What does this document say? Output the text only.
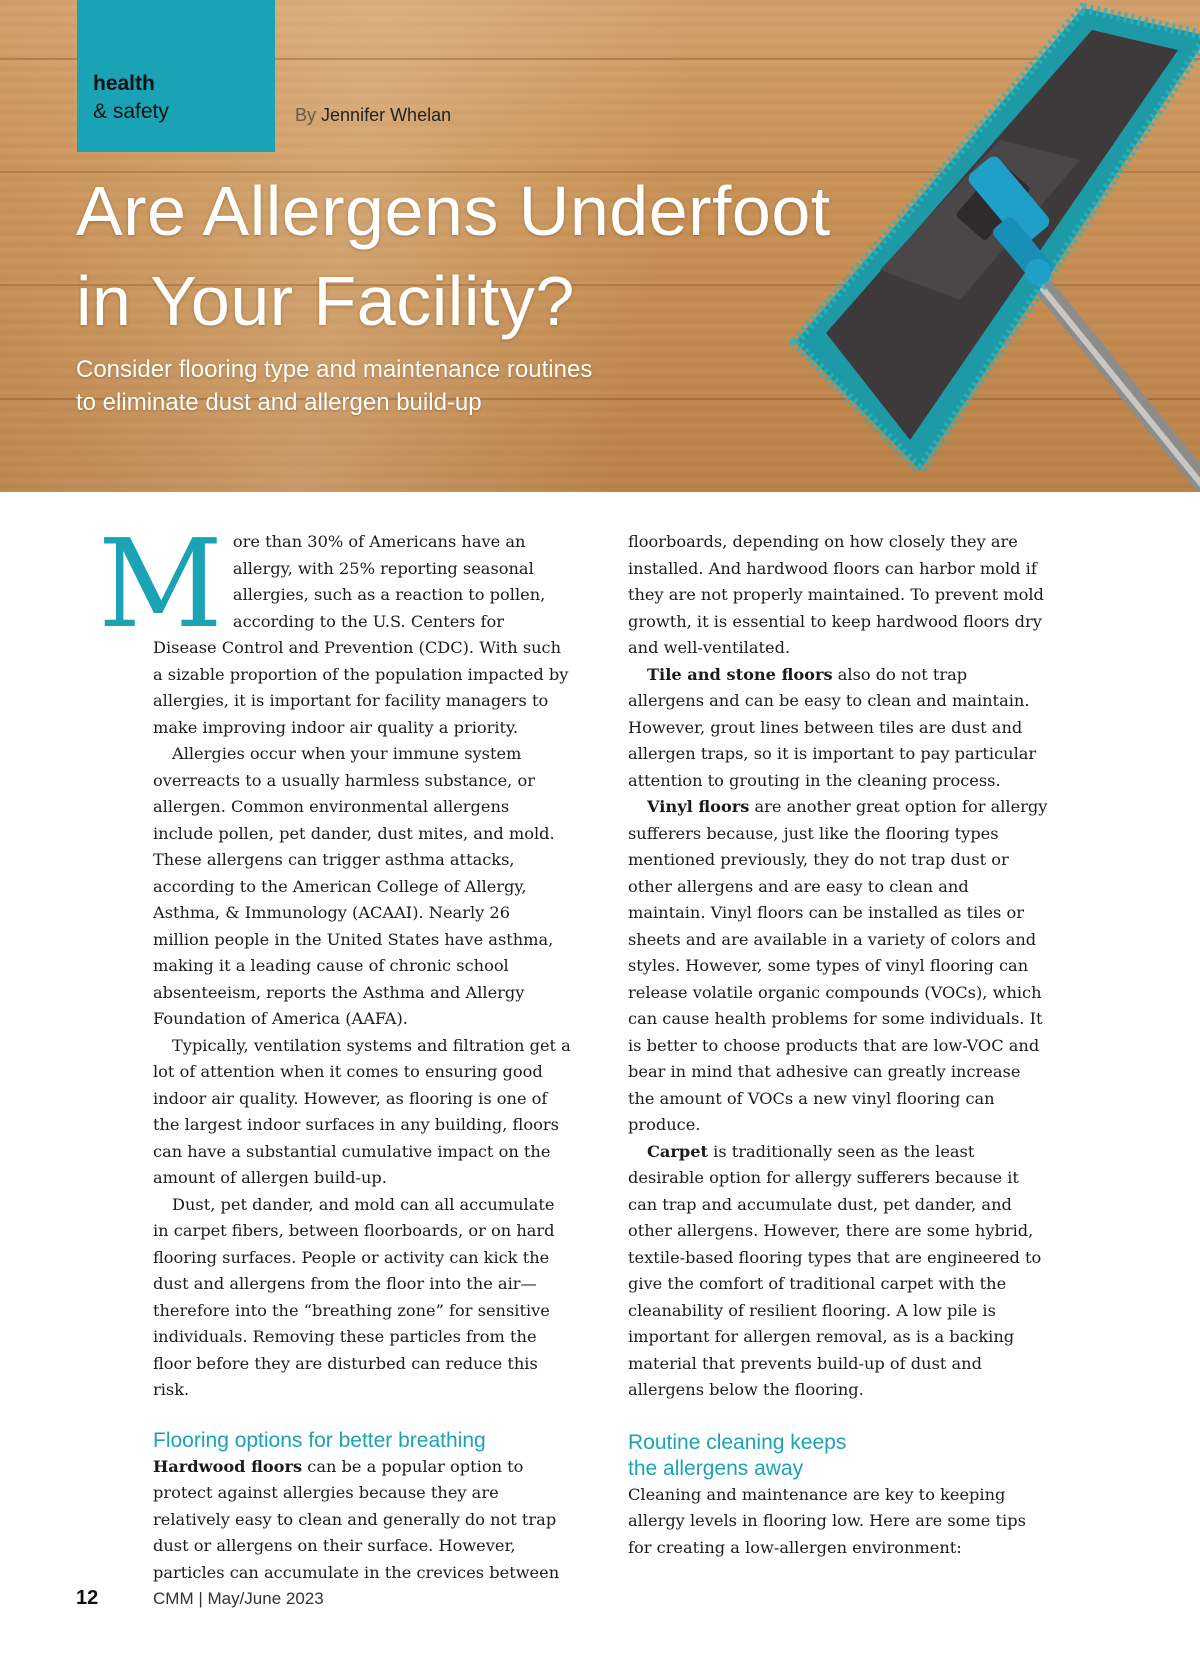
health
& safety	By Jennifer Whelan
Are Allergens Underfoot
in Your Facility?

Consider flooring type and maintenance routines
to eliminate dust and allergen build-up

More than 30% of Americans have an allergy, with 25% reporting seasonal allergies, such as a reaction to pollen, according to the U.S. Centers for Disease Control and Prevention (CDC). With such a sizable proportion of the population impacted by allergies, it is important for facility managers to make improving indoor air quality a priority.

Allergies occur when your immune system overreacts to a usually harmless substance, or allergen. Common environmental allergens include pollen, pet dander, dust mites, and mold. These allergens can trigger asthma attacks, according to the American College of Allergy, Asthma, & Immunology (ACAAI). Nearly 26 million people in the United States have asthma, making it a leading cause of chronic school absenteeism, reports the Asthma and Allergy Foundation of America (AAFA).

Typically, ventilation systems and filtration get a lot of attention when it comes to ensuring good indoor air quality. However, as flooring is one of the largest indoor surfaces in any building, floors can have a substantial cumulative impact on the amount of allergen build-up.

Dust, pet dander, and mold can all accumulate in carpet fibers, between floorboards, or on hard flooring surfaces. People or activity can kick the dust and allergens from the floor into the air—therefore into the “breathing zone” for sensitive individuals. Removing these particles from the floor before they are disturbed can reduce this risk.

Flooring options for better breathing

Hardwood floors can be a popular option to protect against allergies because they are relatively easy to clean and generally do not trap dust or allergens on their surface. However, particles can accumulate in the crevices between

floorboards, depending on how closely they are installed. And hardwood floors can harbor mold if they are not properly maintained. To prevent mold growth, it is essential to keep hardwood floors dry and well-ventilated.

Tile and stone floors also do not trap allergens and can be easy to clean and maintain. However, grout lines between tiles are dust and allergen traps, so it is important to pay particular attention to grouting in the cleaning process.

Vinyl floors are another great option for allergy sufferers because, just like the flooring types mentioned previously, they do not trap dust or other allergens and are easy to clean and maintain. Vinyl floors can be installed as tiles or sheets and are available in a variety of colors and styles. However, some types of vinyl flooring can release volatile organic compounds (VOCs), which can cause health problems for some individuals. It is better to choose products that are low-VOC and bear in mind that adhesive can greatly increase the amount of VOCs a new vinyl flooring can produce.

Carpet is traditionally seen as the least desirable option for allergy sufferers because it can trap and accumulate dust, pet dander, and other allergens. However, there are some hybrid, textile-based flooring types that are engineered to give the comfort of traditional carpet with the cleanability of resilient flooring. A low pile is important for allergen removal, as is a backing material that prevents build-up of dust and allergens below the flooring.

Routine cleaning keeps
the allergens away

Cleaning and maintenance are key to keeping allergy levels in flooring low. Here are some tips for creating a low-allergen environment:

12	CMM | May/June 2023
